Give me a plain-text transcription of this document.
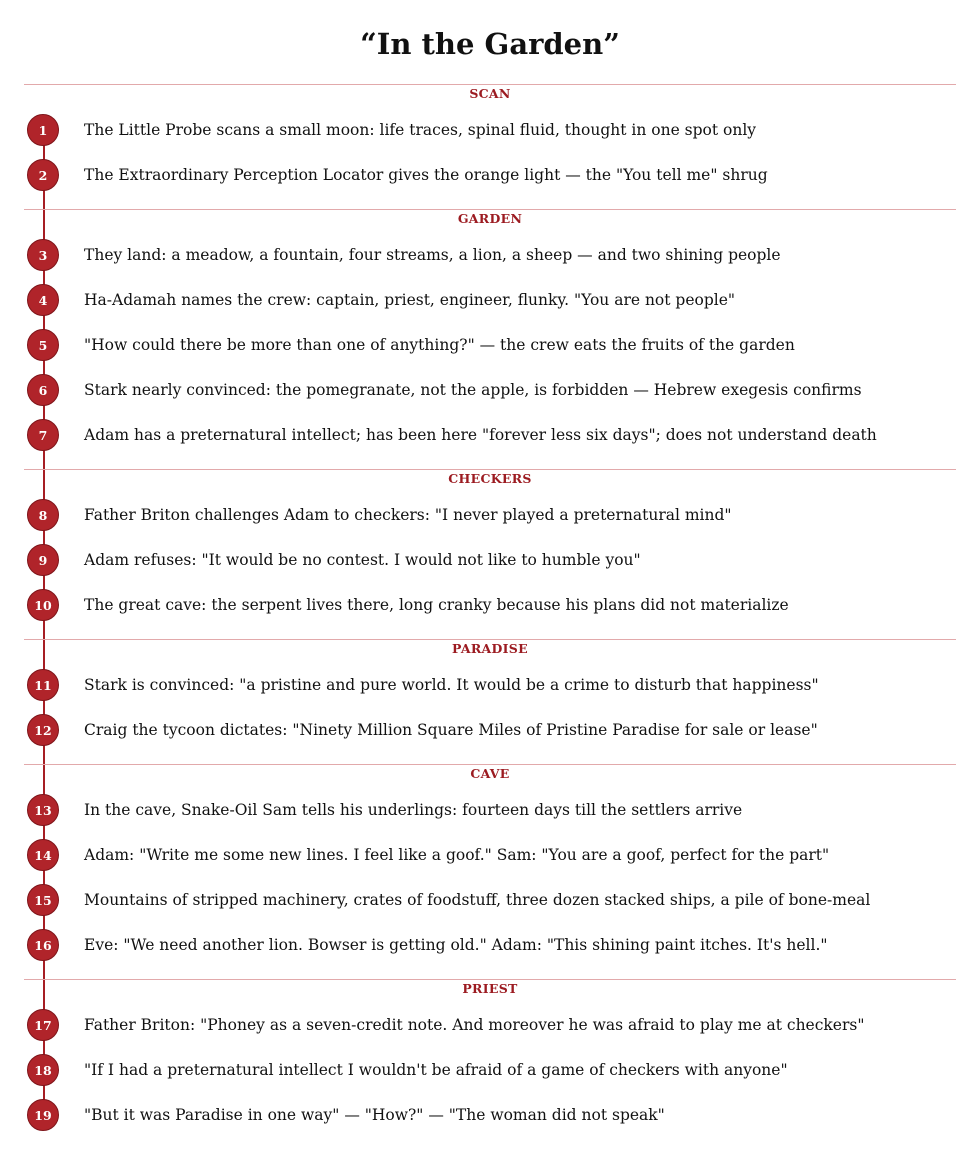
“In the Garden”
SCAN
1	The Little Probe scans a small moon: life traces, spinal fluid, thought in one spot only
2	The Extraordinary Perception Locator gives the orange light — the "You tell me" shrug
GARDEN
3	They land: a meadow, a fountain, four streams, a lion, a sheep — and two shining people
4	Ha-Adamah names the crew: captain, priest, engineer, flunky. "You are not people"
5	"How could there be more than one of anything?" — the crew eats the fruits of the garden
6	Stark nearly convinced: the pomegranate, not the apple, is forbidden — Hebrew exegesis confirms
7	Adam has a preternatural intellect; has been here "forever less six days"; does not understand death
CHECKERS
8	Father Briton challenges Adam to checkers: "I never played a preternatural mind"
9	Adam refuses: "It would be no contest. I would not like to humble you"
10	The great cave: the serpent lives there, long cranky because his plans did not materialize
PARADISE
11	Stark is convinced: "a pristine and pure world. It would be a crime to disturb that happiness"
12	Craig the tycoon dictates: "Ninety Million Square Miles of Pristine Paradise for sale or lease"
CAVE
13	In the cave, Snake-Oil Sam tells his underlings: fourteen days till the settlers arrive
14	Adam: "Write me some new lines. I feel like a goof." Sam: "You are a goof, perfect for the part"
15	Mountains of stripped machinery, crates of foodstuff, three dozen stacked ships, a pile of bone-meal
16	Eve: "We need another lion. Bowser is getting old." Adam: "This shining paint itches. It's hell."
PRIEST
17	Father Briton: "Phoney as a seven-credit note. And moreover he was afraid to play me at checkers"
18	"If I had a preternatural intellect I wouldn't be afraid of a game of checkers with anyone"
19	"But it was Paradise in one way" — "How?" — "The woman did not speak"
